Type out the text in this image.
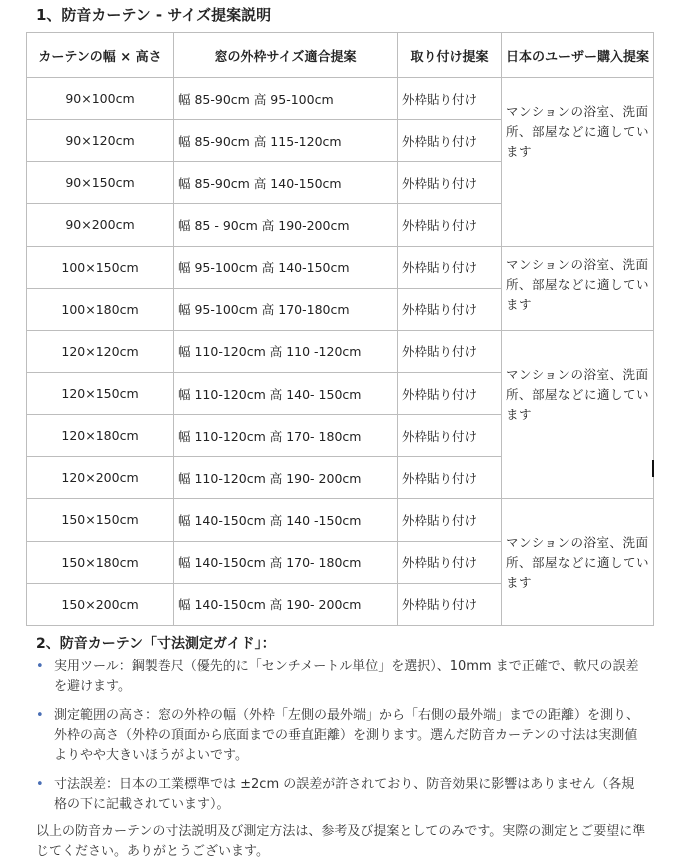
1、防音カーテン - サイズ提案説明
カーテンの幅 × 高さ	窓の外枠サイズ適合提案	取り付け提案	日本のユーザー購入提案
90×100cm	幅 85-90cm 高 95-100cm	外枠貼り付け	マンションの浴室、洗面所、部屋などに適しています

90×120cm	幅 85-90cm 高 115-120cm	外枠貼り付け	
90×150cm	幅 85-90cm 高 140-150cm	外枠貼り付け	
90×200cm	幅 85 - 90cm 高 190-200cm	外枠貼り付け	
100×150cm	幅 95-100cm 高 140-150cm	外枠貼り付け	マンションの浴室、洗面所、部屋などに適しています

100×180cm	幅 95-100cm 高 170-180cm	外枠貼り付け	
120×120cm	幅 110-120cm 高 110 -120cm	外枠貼り付け	マンションの浴室、洗面所、部屋などに適しています

120×150cm	幅 110-120cm 高 140- 150cm	外枠貼り付け	
120×180cm	幅 110-120cm 高 170- 180cm	外枠貼り付け	
120×200cm	幅 110-120cm 高 190- 200cm	外枠貼り付け	
150×150cm	幅 140-150cm 高 140 -150cm	外枠貼り付け	マンションの浴室、洗面所、部屋などに適しています

150×180cm	幅 140-150cm 高 170- 180cm	外枠貼り付け	
150×200cm	幅 140-150cm 高 190- 200cm	外枠貼り付け	
2、防音カーテン「寸法測定ガイド」：
• 実用ツール：鋼製巻尺（優先的に「センチメートル単位」を選択）、10mm まで正確で、軟尺の誤差を避けます。
• 測定範囲の高さ：窓の外枠の幅（外枠「左側の最外端」から「右側の最外端」までの距離）を測り、外枠の高さ（外枠の頂面から底面までの垂直距離）を測ります。選んだ防音カーテンの寸法は実測値よりやや大きいほうがよいです。
• 寸法誤差：日本の工業標準では ±2cm の誤差が許されており、防音効果に影響はありません（各規格の下に記載されています）。
以上の防音カーテンの寸法説明及び測定方法は、参考及び提案としてのみです。実際の測定とご要望に準じてください。ありがとうございます。
